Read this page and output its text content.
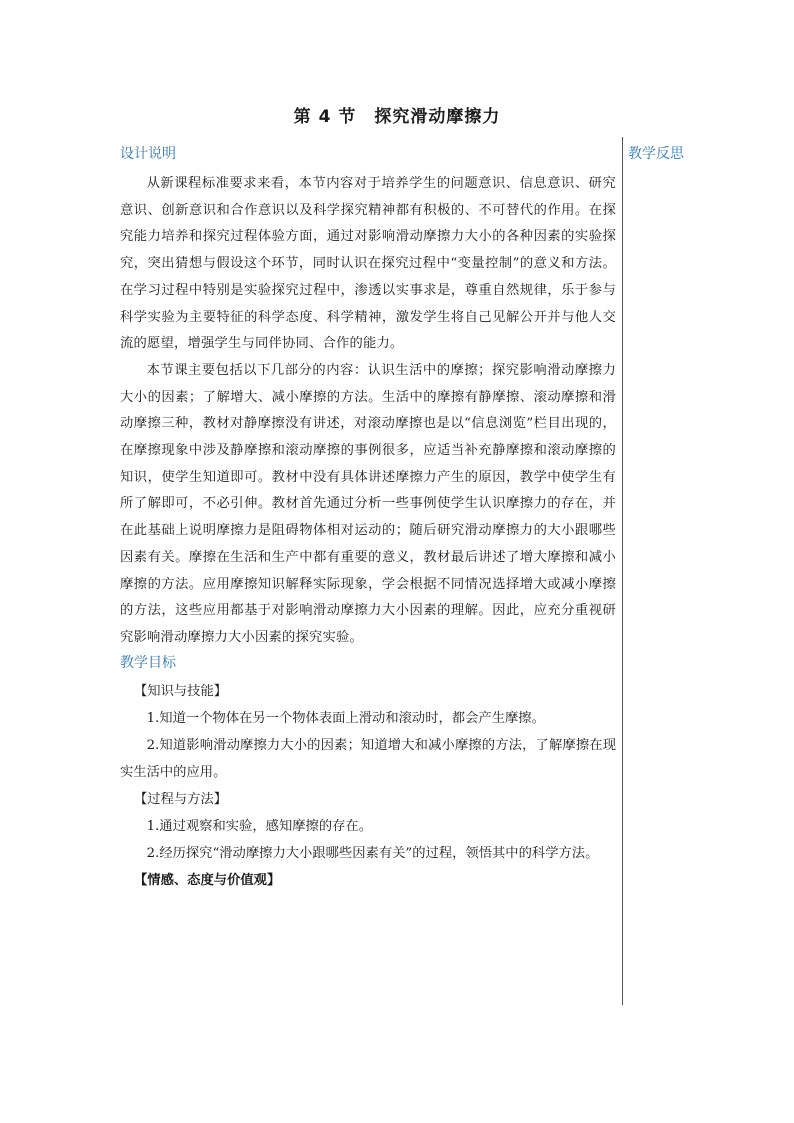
第 4 节　探究滑动摩擦力
教学反思
设计说明

从新课程标准要求来看，本节内容对于培养学生的问题意识、信息意识、研究意识、创新意识和合作意识以及科学探究精神都有积极的、不可替代的作用。在探究能力培养和探究过程体验方面，通过对影响滑动摩擦力大小的各种因素的实验探究，突出猜想与假设这个环节，同时认识在探究过程中“变量控制”的意义和方法。在学习过程中特别是实验探究过程中，渗透以实事求是，尊重自然规律，乐于参与科学实验为主要特征的科学态度、科学精神，激发学生将自己见解公开并与他人交流的愿望，增强学生与同伴协同、合作的能力。

本节课主要包括以下几部分的内容：认识生活中的摩擦；探究影响滑动摩擦力大小的因素；了解增大、减小摩擦的方法。生活中的摩擦有静摩擦、滚动摩擦和滑动摩擦三种，教材对静摩擦没有讲述，对滚动摩擦也是以“信息浏览”栏目出现的，在摩擦现象中涉及静摩擦和滚动摩擦的事例很多，应适当补充静摩擦和滚动摩擦的知识，使学生知道即可。教材中没有具体讲述摩擦力产生的原因，教学中使学生有所了解即可，不必引伸。教材首先通过分析一些事例使学生认识摩擦力的存在，并在此基础上说明摩擦力是阻碍物体相对运动的；随后研究滑动摩擦力的大小跟哪些因素有关。摩擦在生活和生产中都有重要的意义，教材最后讲述了增大摩擦和减小摩擦的方法。应用摩擦知识解释实际现象，学会根据不同情况选择增大或减小摩擦的方法，这些应用都基于对影响滑动摩擦力大小因素的理解。因此，应充分重视研究影响滑动摩擦力大小因素的探究实验。

教学目标

【知识与技能】

1.知道一个物体在另一个物体表面上滑动和滚动时，都会产生摩擦。

2.知道影响滑动摩擦力大小的因素；知道增大和减小摩擦的方法，了解摩擦在现实生活中的应用。

【过程与方法】

1.通过观察和实验，感知摩擦的存在。

2.经历探究“滑动摩擦力大小跟哪些因素有关”的过程，领悟其中的科学方法。

【情感、态度与价值观】
